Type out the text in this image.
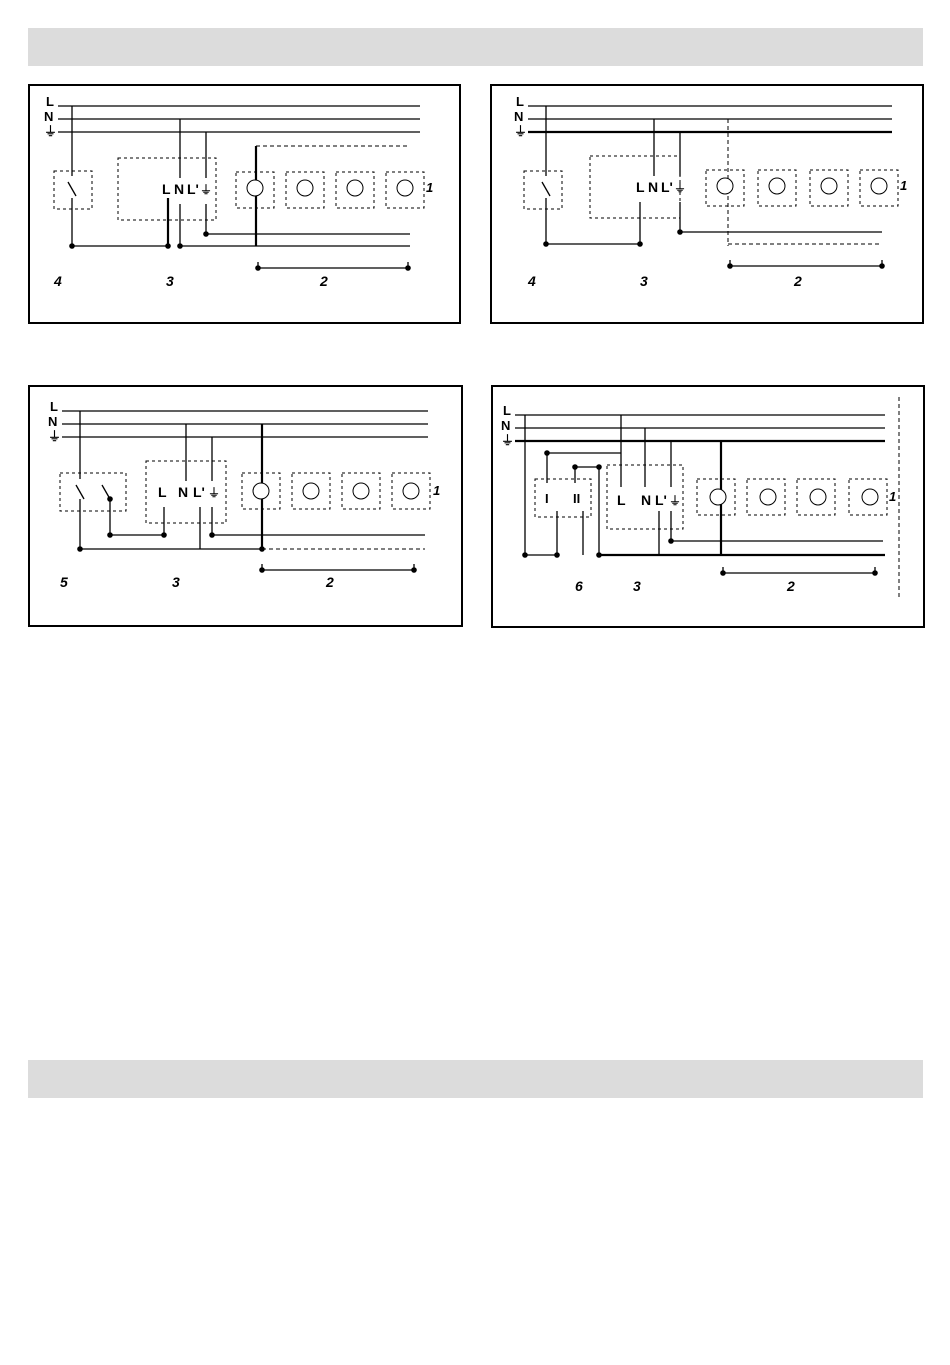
L
N
⏚
L N L' ⏚	1
4	3	2
L
N
⏚
L N L' ⏚	1
4	3	2
L
N
⏚
L N L' ⏚	1
5	3	2
L
N
⏚
I II	L N L' ⏚	1
6	3	2
